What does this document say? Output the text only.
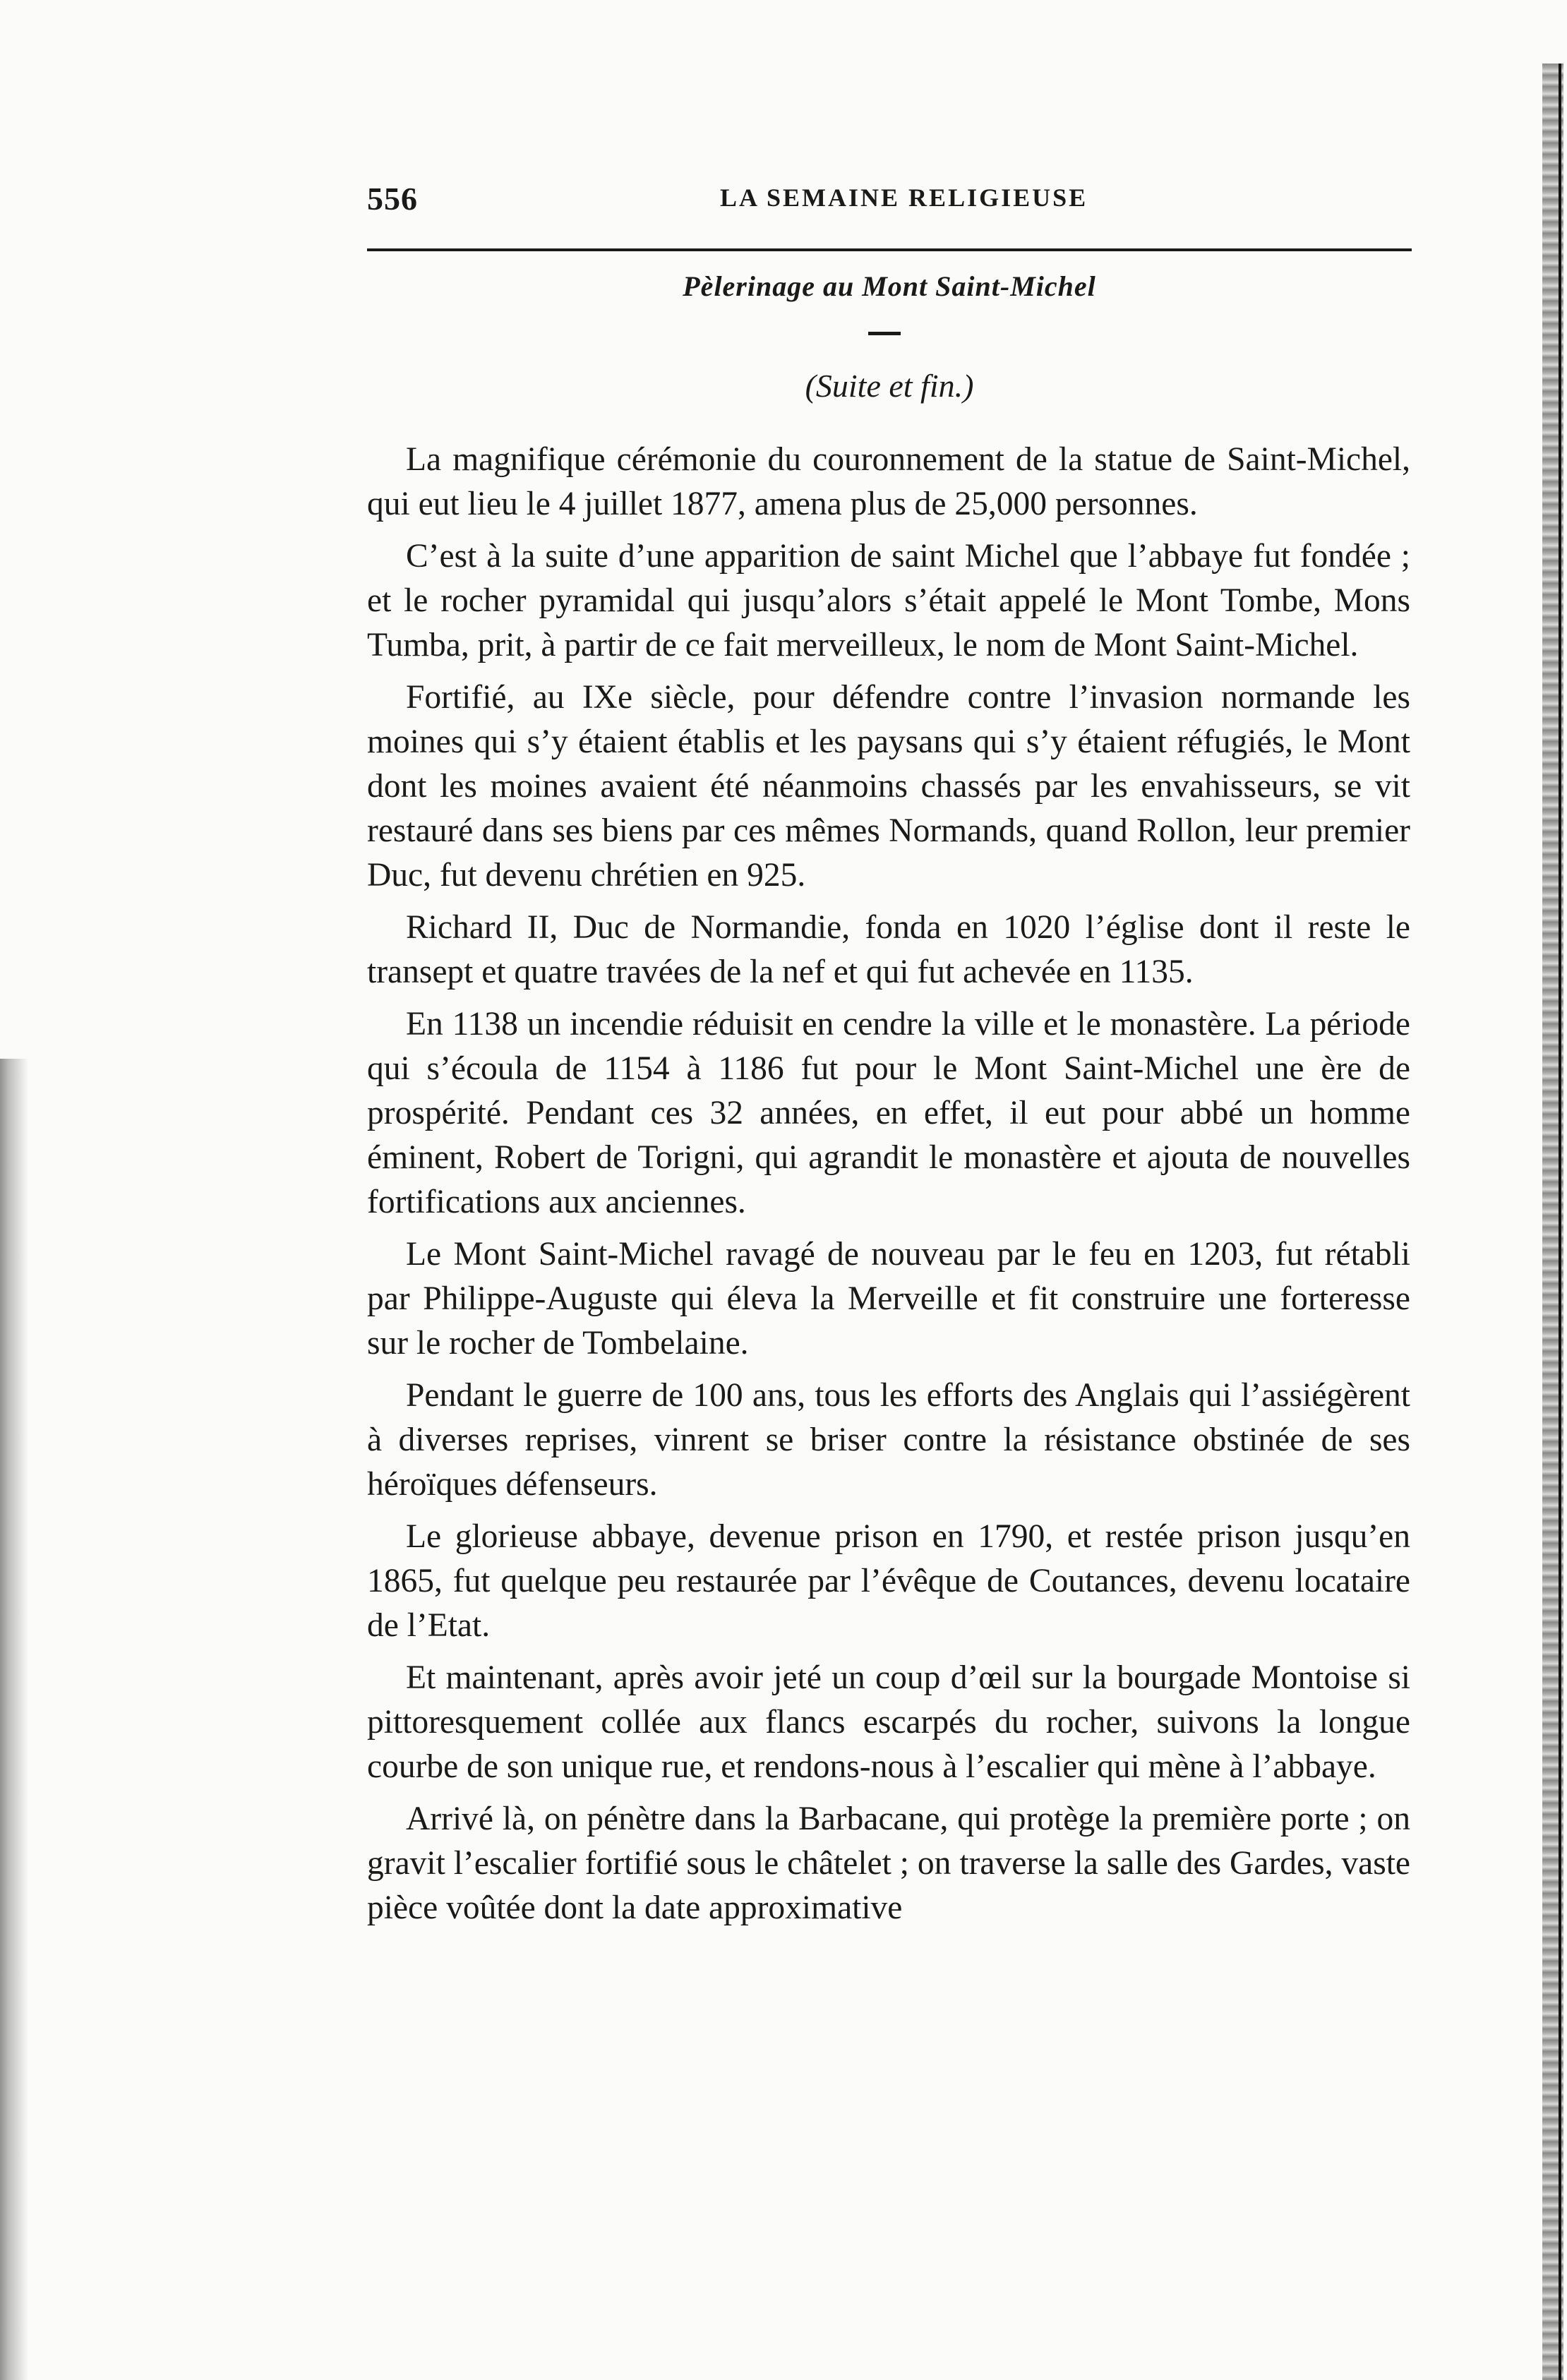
556	LA SEMAINE RELIGIEUSE
Pèlerinage au Mont Saint-Michel
(Suite et fin.)

La magnifique cérémonie du couronnement de la statue de Saint-Michel, qui eut lieu le 4 juillet 1877, amena plus de 25,000 personnes.

C’est à la suite d’une apparition de saint Michel que l’abbaye fut fondée ; et le rocher pyramidal qui jusqu’alors s’était appelé le Mont Tombe, Mons Tumba, prit, à partir de ce fait merveilleux, le nom de Mont Saint-Michel.

Fortifié, au IXe siècle, pour défendre contre l’invasion normande les moines qui s’y étaient établis et les paysans qui s’y étaient réfugiés, le Mont dont les moines avaient été néanmoins chassés par les envahisseurs, se vit restauré dans ses biens par ces mêmes Normands, quand Rollon, leur premier Duc, fut devenu chrétien en 925.

Richard II, Duc de Normandie, fonda en 1020 l’église dont il reste le transept et quatre travées de la nef et qui fut achevée en 1135.

En 1138 un incendie réduisit en cendre la ville et le monastère. La période qui s’écoula de 1154 à 1186 fut pour le Mont Saint-Michel une ère de prospérité. Pendant ces 32 années, en effet, il eut pour abbé un homme éminent, Robert de Torigni, qui agrandit le monastère et ajouta de nouvelles fortifications aux anciennes.

Le Mont Saint-Michel ravagé de nouveau par le feu en 1203, fut rétabli par Philippe-Auguste qui éleva la Merveille et fit construire une forteresse sur le rocher de Tombelaine.

Pendant le guerre de 100 ans, tous les efforts des Anglais qui l’assiégèrent à diverses reprises, vinrent se briser contre la résistance obstinée de ses héroïques défenseurs.

Le glorieuse abbaye, devenue prison en 1790, et restée prison jusqu’en 1865, fut quelque peu restaurée par l’évêque de Coutances, devenu locataire de l’Etat.

Et maintenant, après avoir jeté un coup d’œil sur la bourgade Montoise si pittoresquement collée aux flancs escarpés du rocher, suivons la longue courbe de son unique rue, et rendons-nous à l’escalier qui mène à l’abbaye.

Arrivé là, on pénètre dans la Barbacane, qui protège la première porte ; on gravit l’escalier fortifié sous le châtelet ; on traverse la salle des Gardes, vaste pièce voûtée dont la date approximative
